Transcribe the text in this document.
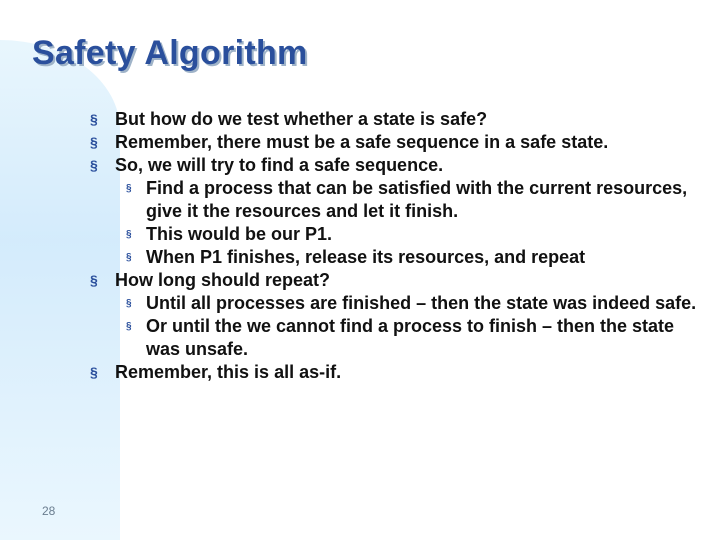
Safety Algorithm
§ But how do we test whether a state is safe?
§ Remember, there must be a safe sequence in a safe state.
§ So, we will try to find a safe sequence.
§ Find a process that can be satisfied with the current resources, give it the resources and let it finish.
§ This would be our P1.
§ When P1 finishes, release its resources, and repeat
§ How long should repeat?
§ Until all processes are finished – then the state was indeed safe.
§ Or until the we cannot find a process to finish – then the state was unsafe.
§ Remember, this is all as-if.
28
